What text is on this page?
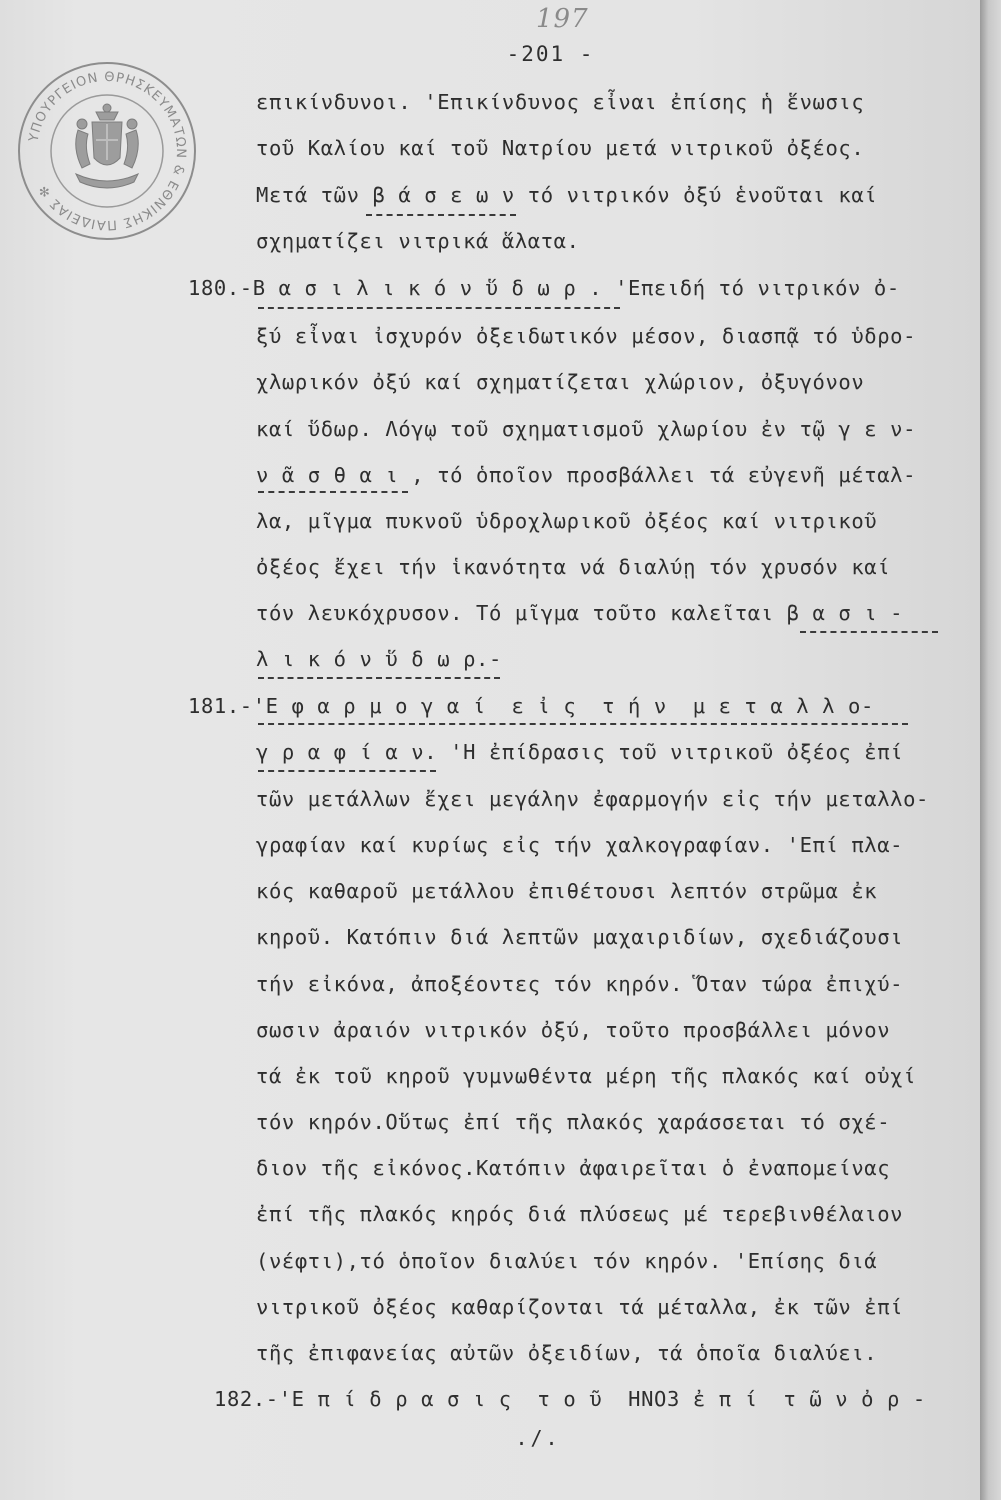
197
-201 -
ΥΠΟΥΡΓΕΙΟΝ ΘΡΗΣΚΕΥΜΑΤΩΝ & ΕΘΝΙΚΗΣ ΠΑΙΔΕΙΑΣ ✻
επικίνδυνοι. 'Επικίνδυνος εἶναι ἐπίσης ἡ ἕνωσις
τοῦ Καλίου καί τοῦ Νατρίου μετά νιτρικοῦ ὀξέος.
Μετά τῶν β ά σ ε ω ν τό νιτρικόν ὀξύ ἑνοῦται καί
σχηματίζει νιτρικά ἅλατα.
180.-Β α σ ι λ ι κ ό ν ὕ δ ω ρ . 'Επειδή τό νιτρικόν ὀ-
ξύ εἶναι ἰσχυρόν ὀξειδωτικόν μέσον, διασπᾷ τό ὑδρο-
χλωρικόν ὀξύ καί σχηματίζεται χλώριον, ὀξυγόνον
καί ὕδωρ. Λόγῳ τοῦ σχηματισμοῦ χλωρίου ἐν τῷ γ ε ν-
ν ᾶ σ θ α ι , τό ὁποῖον προσβάλλει τά εὐγενῆ μέταλ-
λα, μῖγμα πυκνοῦ ὑδροχλωρικοῦ ὀξέος καί νιτρικοῦ
ὀξέος ἔχει τήν ἱκανότητα νά διαλύῃ τόν χρυσόν καί
τόν λευκόχρυσον. Τό μῖγμα τοῦτο καλεῖται β α σ ι -
λ ι κ ό ν ὕ δ ω ρ.-
181.-'Ε φ α ρ μ ο γ α ί  ε ἰ ς  τ ή ν  μ ε τ α λ λ ο-
γ ρ α φ ί α ν. 'Η ἐπίδρασις τοῦ νιτρικοῦ ὀξέος ἐπί
τῶν μετάλλων ἔχει μεγάλην ἐφαρμογήν εἰς τήν μεταλλο-
γραφίαν καί κυρίως εἰς τήν χαλκογραφίαν. 'Επί πλα-
κός καθαροῦ μετάλλου ἐπιθέτουσι λεπτόν στρῶμα ἐκ
κηροῦ. Κατόπιν διά λεπτῶν μαχαιριδίων, σχεδιάζουσι
τήν εἰκόνα, ἀποξέοντες τόν κηρόν. Ὅταν τώρα ἐπιχύ-
σωσιν ἀραιόν νιτρικόν ὀξύ, τοῦτο προσβάλλει μόνον
τά ἐκ τοῦ κηροῦ γυμνωθέντα μέρη τῆς πλακός καί οὐχί
τόν κηρόν.Οὕτως ἐπί τῆς πλακός χαράσσεται τό σχέ-
διον τῆς εἰκόνος.Κατόπιν ἀφαιρεῖται ὁ ἐναπομείνας
ἐπί τῆς πλακός κηρός διά πλύσεως μέ τερεβινθέλαιον
(νέφτι),τό ὁποῖον διαλύει τόν κηρόν. 'Επίσης διά
νιτρικοῦ ὀξέος καθαρίζονται τά μέταλλα, ἐκ τῶν ἐπί
τῆς ἐπιφανείας αὐτῶν ὀξειδίων, τά ὁποῖα διαλύει.
182.-'Ε π ί δ ρ α σ ι ς  τ ο ῦ  ΗΝΟ3 ἐ π ί  τ ῶ ν ὀ ρ -
./.
